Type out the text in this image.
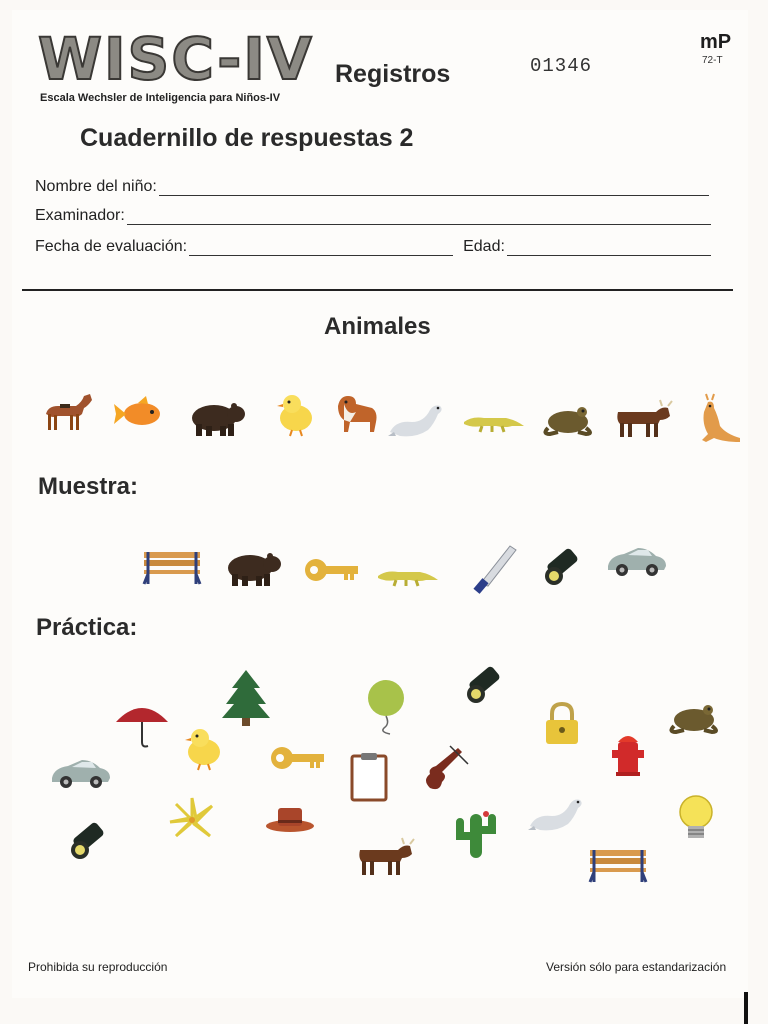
WISC-IV
Escala Wechsler de Inteligencia para Niños-IV
Registros	01346
mP
72-T
Cuadernillo de respuestas 2
Nombre del niño:
Examinador:
Fecha de evaluación:	Edad:
Animales
Muestra:
Práctica:
Prohibida su reproducción	Versión sólo para estandarización
